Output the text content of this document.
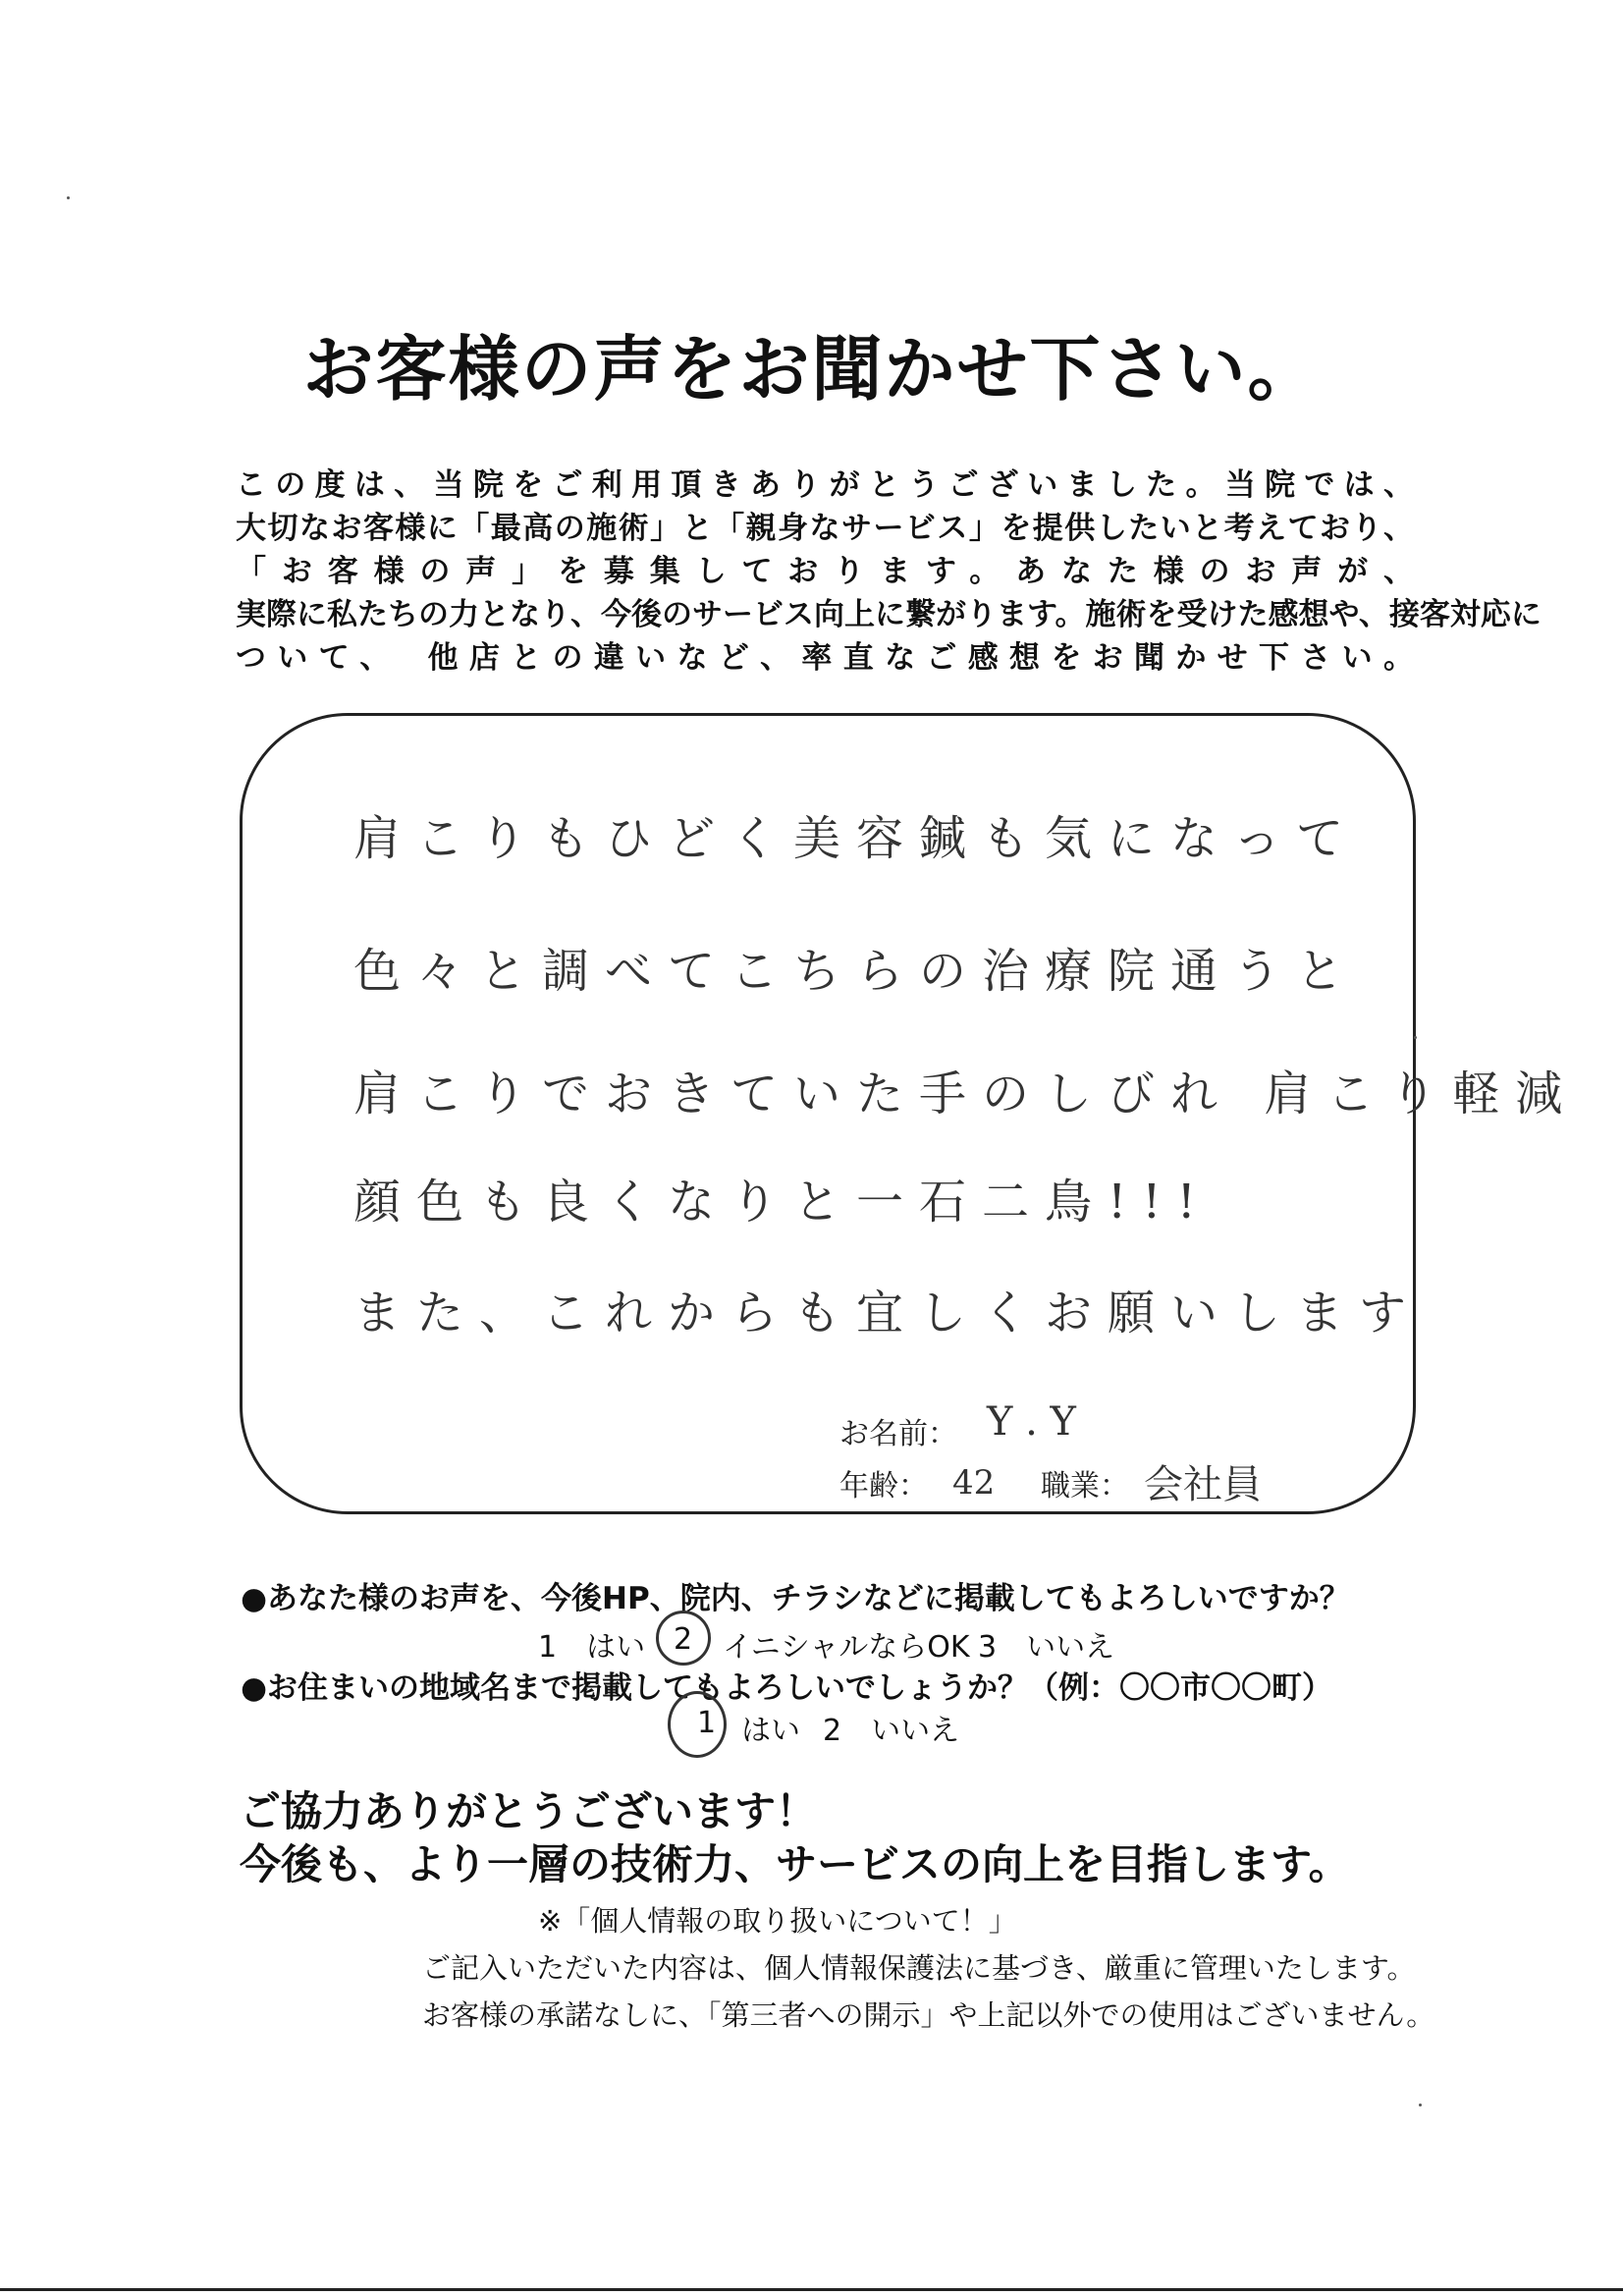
お客様の声をお聞かせ下さい。
この度は、当院をご利用頂きありがとうございました。当院では、
大切なお客様に「最高の施術」と「親身なサービス」を提供したいと考えており、
「お客様の声」を募集しております。あなた様のお声が、
実際に私たちの力となり、今後のサービス向上に繋がります。施術を受けた感想や、接客対応に
ついて、　他店との違いなど、率直なご感想をお聞かせ下さい。
肩こりもひどく美容鍼も気になって
色々と調べてこちらの治療院通うと
肩こりでおきていた手のしびれ 肩こり軽減
顔色も良くなりと一石二鳥!!!
また、これからも宜しくお願いします
お名前： Y . Y
年齢： 42 職業： 会社員
●あなた様のお声を、今後HP、院内、チラシなどに掲載してもよろしいですか？
1　はい 2 イニシャルならOK 3　いいえ
●お住まいの地域名まで掲載してもよろしいでしょうか？（例：〇〇市〇〇町）
1 はい 2　いいえ
ご協力ありがとうございます！
今後も、より一層の技術力、サービスの向上を目指します。
※「個人情報の取り扱いについて！」
ご記入いただいた内容は、個人情報保護法に基づき、厳重に管理いたします。
お客様の承諾なしに、「第三者への開示」や上記以外での使用はございません。
